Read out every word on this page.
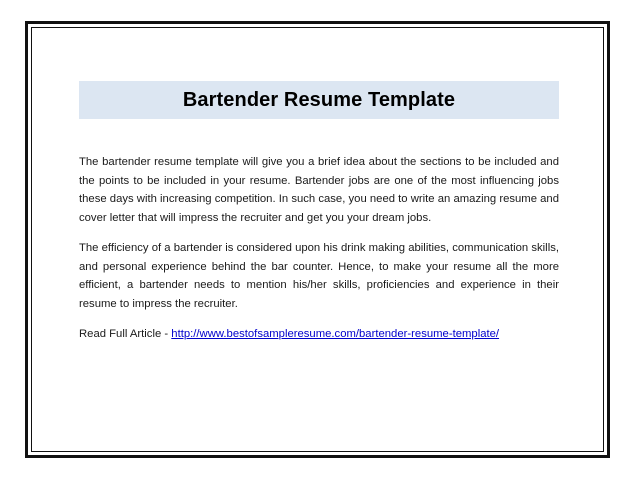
Bartender Resume Template

The bartender resume template will give you a brief idea about the sections to be included and the points to be included in your resume. Bartender jobs are one of the most influencing jobs these days with increasing competition. In such case, you need to write an amazing resume and cover letter that will impress the recruiter and get you your dream jobs.

The efficiency of a bartender is considered upon his drink making abilities, communication skills, and personal experience behind the bar counter. Hence, to make your resume all the more efficient, a bartender needs to mention his/her skills, proficiencies and experience in their resume to impress the recruiter.

Read Full Article - http://www.bestofsampleresume.com/bartender-resume-template/
